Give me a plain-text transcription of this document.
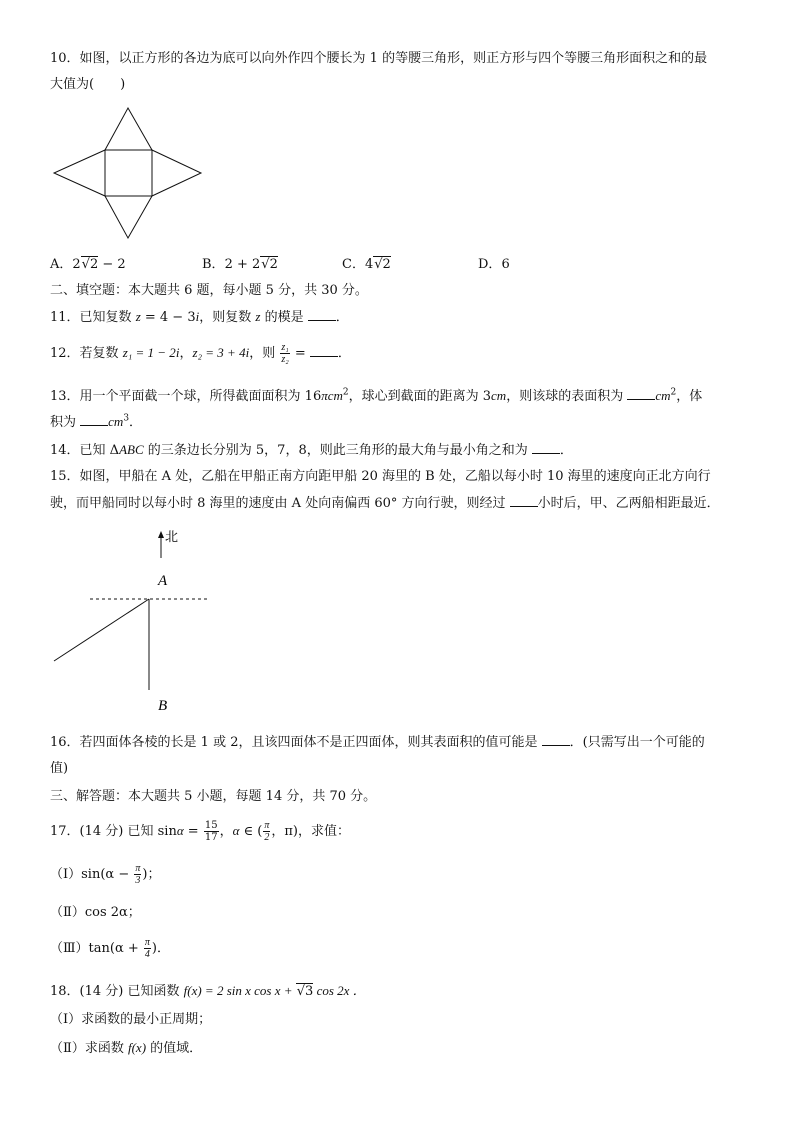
10．如图，以正方形的各边为底可以向外作四个腰长为 1 的等腰三角形，则正方形与四个等腰三角形面积之和的最
大值为(　　)
A．2√2 − 2	B．2 + 2√2	C．4√2	D．6
二、填空题：本大题共 6 题，每小题 5 分，共 30 分。
11．已知复数 z = 4 − 3i，则复数 z 的模是 ．
12．若复数 z₁ = 1 − 2i，z₂ = 3 + 4i，则 $\frac{\text{z₁}}{\text{z₂}}$ = ．
13．用一个平面截一个球，所得截面面积为 16πcm$^2$，球心到截面的距离为 3cm，则该球的表面积为 $cm^2$，体
积为 $cm^3$．
14．已知 ΔABC 的三条边长分别为 5，7，8，则此三角形的最大角与最小角之和为 ．
15．如图，甲船在 A 处，乙船在甲船正南方向距甲船 20 海里的 B 处，乙船以每小时 10 海里的速度向正北方向行
驶，而甲船同时以每小时 8 海里的速度由 A 处向南偏西 60° 方向行驶，则经过 小时后，甲、乙两船相距最近．
北
A
B
16．若四面体各棱的长是 1 或 2，且该四面体不是正四面体，则其表面积的值可能是 ．(只需写出一个可能的
值)
三、解答题：本大题共 5 小题，每题 14 分，共 70 分。
17．(14 分) 已知 $\sin\alpha = \frac{15}{17}$ ，α ∈ ( $\frac{\pi}{2}$ ，π)，求值：
（Ⅰ）sin(α − $\frac{\pi}{3}$ )；
（Ⅱ）cos 2α；
（Ⅲ）tan(α + $\frac{\pi}{4}$ )．
18．(14 分) 已知函数 f(x) = 2 sin x cos x + √3 cos 2x ．
（Ⅰ）求函数的最小正周期；
（Ⅱ）求函数 f(x) 的值域．
